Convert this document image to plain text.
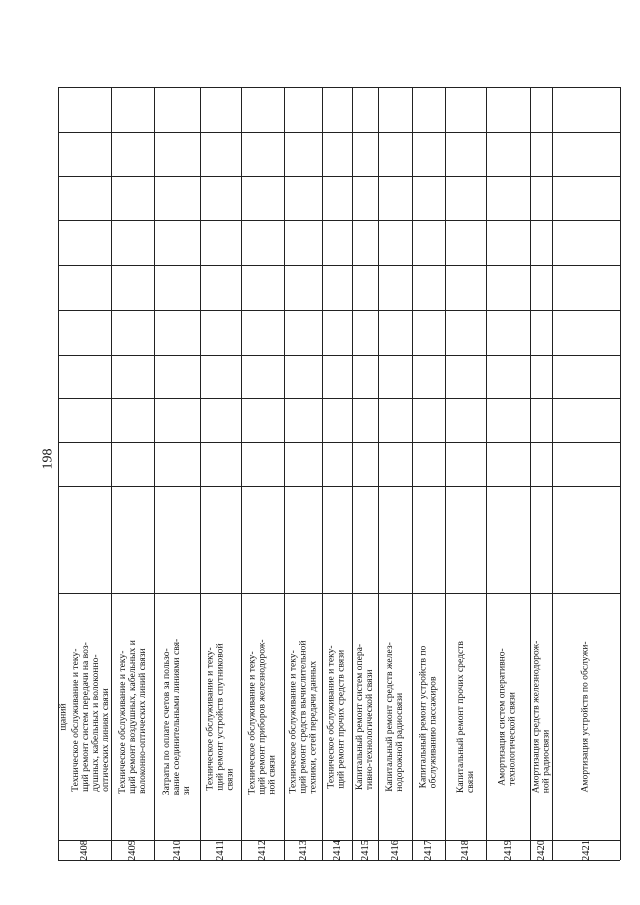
198
щаний Техническое обслуживание и теку- щий ремонт систем передачи на воз- душных, кабельных и волоконно- оптических линиях связи
2408
Техническое обслуживание и теку- щий ремонт воздушных, кабельных и волоконно-оптических линий связи
2409
Затраты по оплате счетов за пользо- вание соединительными линиями свя- зи
2410
Техническое обслуживание и теку- щий ремонт устройств спутниковой связи
2411
Техническое обслуживание и теку- щий ремонт приборов железнодорож- ной связи
2412
Техническое обслуживание и теку- щий ремонт средств вычислительной техники, сетей передачи данных
2413
Техническое обслуживание и теку- щий ремонт прочих средств связи
2414
Капитальный ремонт систем опера- тивно-технологической связи
2415
Капитальный ремонт средств желез- нодорожной радиосвязи
2416
Капитальный ремонт устройств по обслуживанию пассажиров
2417
Капитальный ремонт прочих средств связи
2418
Амортизация систем оперативно- технологической связи
2419
Амортизация средств железнодорож- ной радиосвязи
2420
Амортизация устройств по обслужи-
2421
